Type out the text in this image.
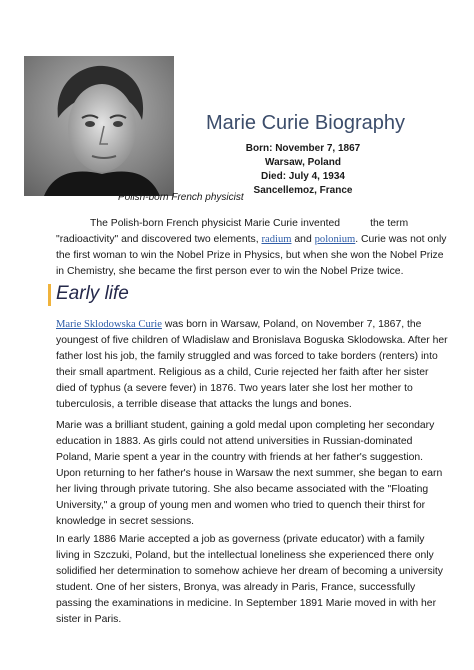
Marie Curie Biography
Born: November 7, 1867
Warsaw, Poland
Died: July 4, 1934
Sancellemoz, France
Polish-born French physicist
The Polish-born French physicist Marie Curie invented	the term
"radioactivity" and discovered two elements, radium and polonium. Curie was not only
the first woman to win the Nobel Prize in Physics, but when she won the Nobel Prize
in Chemistry, she became the first person ever to win the Nobel Prize twice.
Early life
Marie Sklodowska Curie was born in Warsaw, Poland, on November 7, 1867, the
youngest of five children of Wladislaw and Bronislava Boguska Sklodowska. After her
father lost his job, the family struggled and was forced to take borders (renters) into
their small apartment. Religious as a child, Curie rejected her faith after her sister
died of typhus (a severe fever) in 1876. Two years later she lost her mother to
tuberculosis, a terrible disease that attacks the lungs and bones.
Marie was a brilliant student, gaining a gold medal upon completing her secondary
education in 1883. As girls could not attend universities in Russian-dominated
Poland, Marie spent a year in the country with friends at her father's suggestion.
Upon returning to her father's house in Warsaw the next summer, she began to earn
her living through private tutoring. She also became associated with the "Floating
University," a group of young men and women who tried to quench their thirst for
knowledge in secret sessions.
In early 1886 Marie accepted a job as governess (private educator) with a family
living in Szczuki, Poland, but the intellectual loneliness she experienced there only
solidified her determination to somehow achieve her dream of becoming a university
student. One of her sisters, Bronya, was already in Paris, France, successfully
passing the examinations in medicine. In September 1891 Marie moved in with her
sister in Paris.
